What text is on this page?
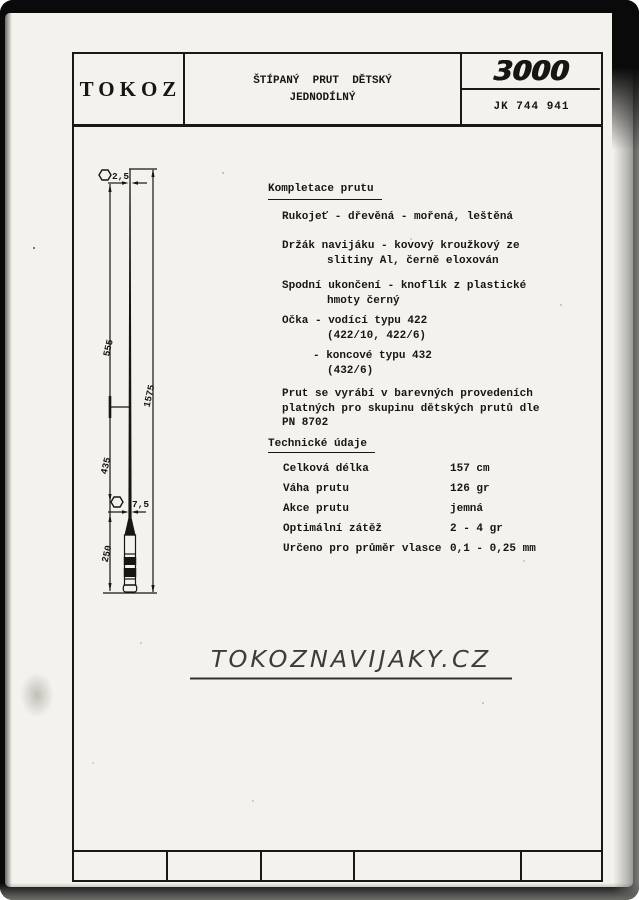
TOKOZ	ŠTÍPANÝ  PRUT  DĚTSKÝ
JEDNODÍLNÝ
3000
JK 744 941
2,5
7,5
555
1575
435
250
Kompletace prutu
Rukojeť - dřevěná - mořená, leštěná
Držák navijáku - kovový kroužkový ze
slitiny Al, černě eloxován
Spodní ukončení - knoflík z plastické
hmoty černý
Očka - vodící typu 422
(422/10, 422/6)
- koncové typu 432
(432/6)
Prut se vyrábí v barevných provedeních
platných pro skupinu dětských prutů dle
PN 8702
Technické údaje
Celková délka	157 cm
Váha prutu	126 gr
Akce prutu	jemná
Optimální zátěž	2 - 4 gr
Určeno pro průměr vlasce 0,1 - 0,25 mm
TOKOZNAVIJAKY.CZ
